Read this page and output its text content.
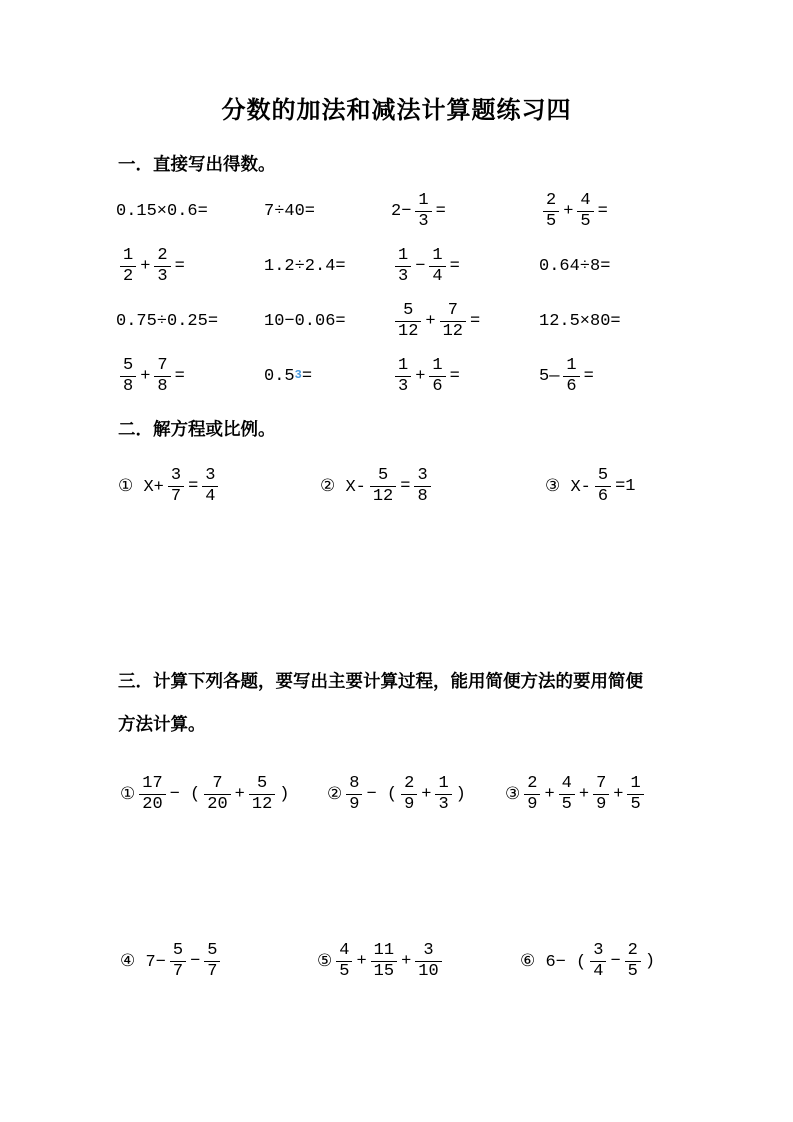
分数的加法和减法计算题练习四
一．直接写出得数。
0.15×0.6=	7÷40=	$2- \frac{1}{3}$ =	$\frac{2}{5} + \frac{4}{5}$ =
$\frac{1}{2} + \frac{2}{3}$ =	1.2÷2.4=	$\frac{1}{3} - \frac{1}{4}$ =	0.64÷8=
0.75÷0.25=	10−0.06=	$\frac{5}{12} + \frac{7}{12}$ =	12.5×80=
$\frac{5}{8} + \frac{7}{8}$ =	$0.5^3$ =	$\frac{1}{3} + \frac{1}{6}$ =	5— $\frac{1}{6}$ =
二．解方程或比例。
① $X+ \frac{3}{7} = \frac{3}{4}$	② $X- \frac{5}{12} = \frac{3}{8}$	③ $X- \frac{5}{6} =1$
三．计算下列各题，要写出主要计算过程，能用简便方法的要用简便
方法计算。
① $\frac{17}{20}$ − ( $\frac{7}{20} + \frac{5}{12}$ ) ② $\frac{8}{9}$ − ( $\frac{2}{9} + \frac{1}{3}$ ) ③ $\frac{2}{9} + \frac{4}{5} + \frac{7}{9} + \frac{1}{5}$
④ $7- \frac{5}{7} - \frac{5}{7}$	⑤ $\frac{4}{5} + \frac{11}{15} + \frac{3}{10}$	⑥ 6− ( $\frac{3}{4} - \frac{2}{5}$ )
